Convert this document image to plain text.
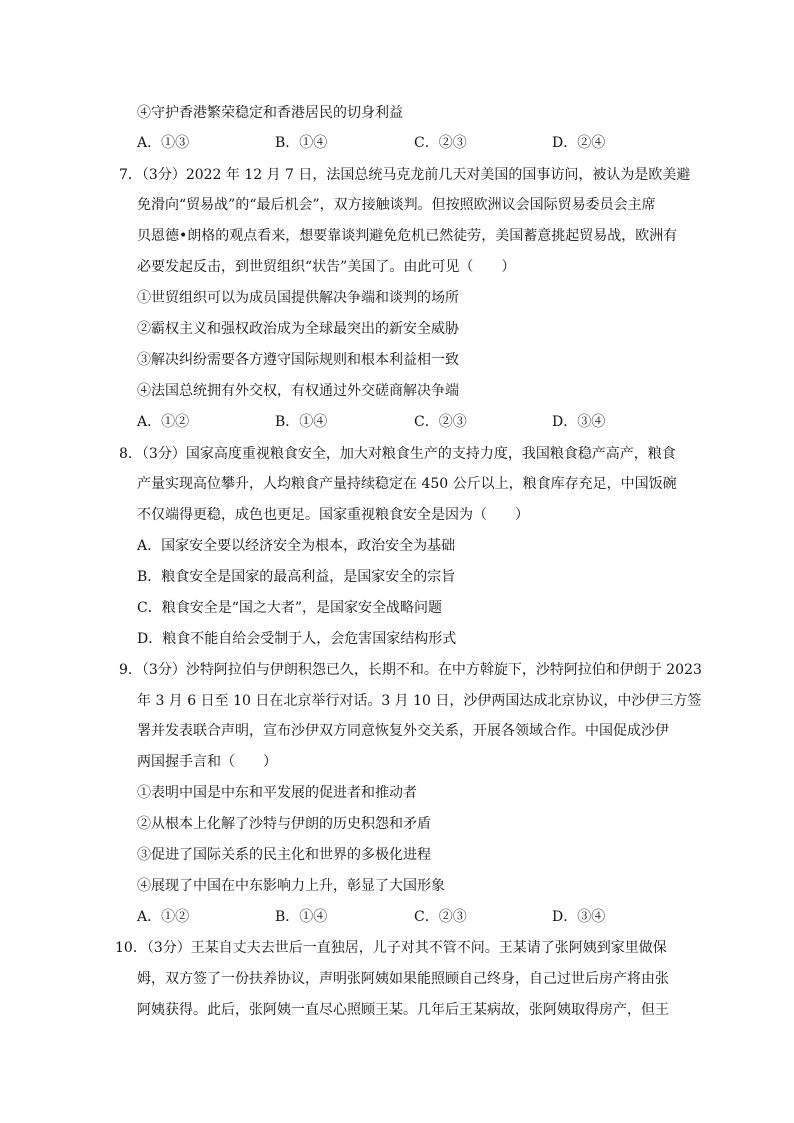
④守护香港繁荣稳定和香港居民的切身利益
A．①③	B．①④	C．②③	D．②④
7．（3分）2022 年 12 月 7 日，法国总统马克龙前几天对美国的国事访问，被认为是欧美避
免滑向“贸易战”的“最后机会”，双方接触谈判。但按照欧洲议会国际贸易委员会主席
贝恩德•朗格的观点看来，想要靠谈判避免危机已然徒劳，美国蓄意挑起贸易战，欧洲有
必要发起反击，到世贸组织“状告”美国了。由此可见（　　）
①世贸组织可以为成员国提供解决争端和谈判的场所
②霸权主义和强权政治成为全球最突出的新安全威胁
③解决纠纷需要各方遵守国际规则和根本利益相一致
④法国总统拥有外交权，有权通过外交磋商解决争端
A．①②	B．①④	C．②③	D．③④
8．（3分）国家高度重视粮食安全，加大对粮食生产的支持力度，我国粮食稳产高产，粮食
产量实现高位攀升，人均粮食产量持续稳定在 450 公斤以上，粮食库存充足，中国饭碗
不仅端得更稳，成色也更足。国家重视粮食安全是因为（　　）
A．国家安全要以经济安全为根本，政治安全为基础
B．粮食安全是国家的最高利益，是国家安全的宗旨
C．粮食安全是“国之大者”，是国家安全战略问题
D．粮食不能自给会受制于人，会危害国家结构形式
9．（3分）沙特阿拉伯与伊朗积怨已久，长期不和。在中方斡旋下，沙特阿拉伯和伊朗于 2023
年 3 月 6 日至 10 日在北京举行对话。3 月 10 日，沙伊两国达成北京协议，中沙伊三方签
署并发表联合声明，宣布沙伊双方同意恢复外交关系，开展各领域合作。中国促成沙伊
两国握手言和（　　）
①表明中国是中东和平发展的促进者和推动者
②从根本上化解了沙特与伊朗的历史积怨和矛盾
③促进了国际关系的民主化和世界的多极化进程
④展现了中国在中东影响力上升，彰显了大国形象
A．①②	B．①④	C．②③	D．③④
10．（3分）王某自丈夫去世后一直独居，儿子对其不管不问。王某请了张阿姨到家里做保
姆，双方签了一份扶养协议，声明张阿姨如果能照顾自己终身，自己过世后房产将由张
阿姨获得。此后，张阿姨一直尽心照顾王某。几年后王某病故，张阿姨取得房产，但王
